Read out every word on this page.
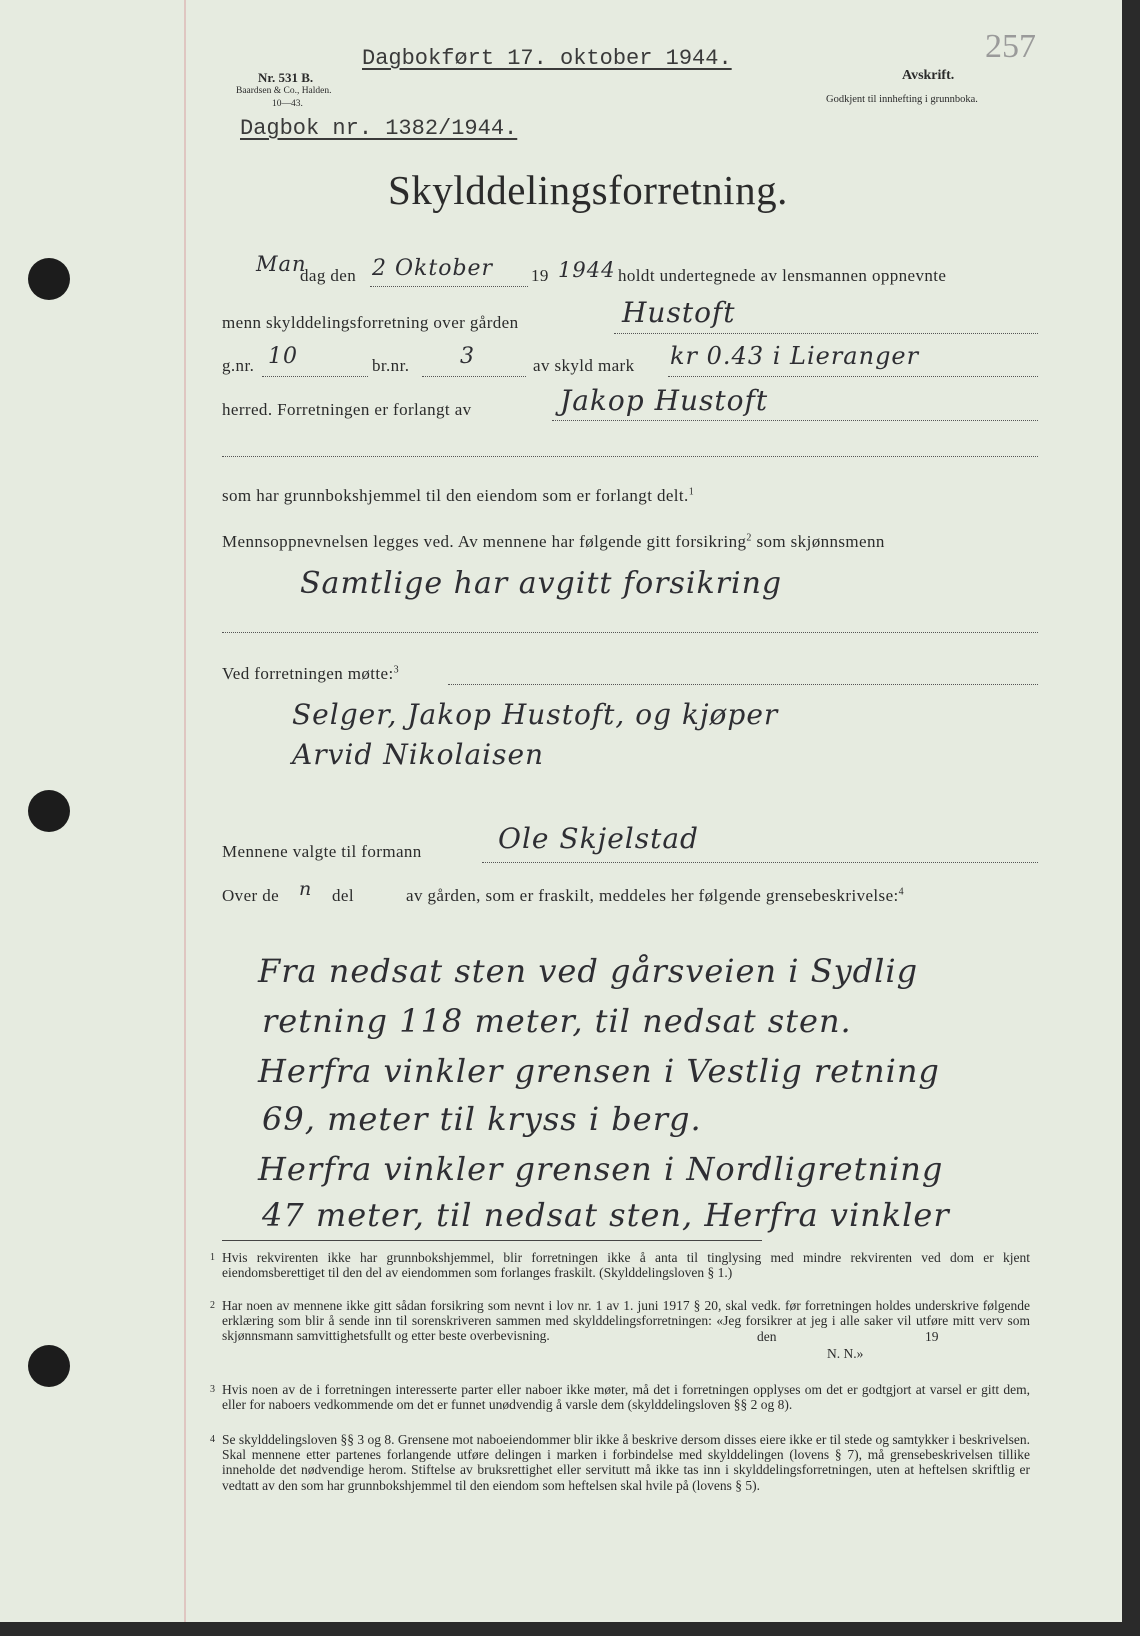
Dagbokført 17. oktober 1944.	257
Nr. 531 B.
Baardsen & Co., Halden.
10—43.
Avskrift.
Godkjent til innhefting i grunnboka.
Dagbok nr. 1382/1944.
Skylddelingsforretning.
Man
dag den 2 Oktober 19 1944 holdt undertegnede av lensmannen oppnevnte
menn skylddelingsforretning over gården	Hustoft
g.nr. 10	br.nr. 3	av skyld mark kr 0.43 i Lieranger
herred. Forretningen er forlangt av	Jakop Hustoft
som har grunnbokshjemmel til den eiendom som er forlangt delt.$^1$
Mennsoppnevnelsen legges ved. Av mennene har følgende gitt forsikring$^2$ som skjønnsmenn
Samtlige har avgitt forsikring
Ved forretningen møtte:$^3$
Selger, Jakop Hustoft, og kjøper
Arvid Nikolaisen
Mennene valgte til formann	Ole Skjelstad
Over de n del	av gården, som er fraskilt, meddeles her følgende grensebeskrivelse:$^4$
Fra nedsat sten ved gårsveien i Sydlig
retning 118 meter, til nedsat sten.
Herfra vinkler grensen i Vestlig retning
69, meter til kryss i berg.
Herfra vinkler grensen i Nordligretning
47 meter, til nedsat sten, Herfra vinkler
1 Hvis rekvirenten ikke har grunnbokshjemmel, blir forretningen ikke å anta til tinglysing med mindre rekvirenten ved dom er kjent eiendomsberettiget til den del av eiendommen som forlanges fraskilt. (Skylddelingsloven § 1.)

2 Har noen av mennene ikke gitt sådan forsikring som nevnt i lov nr. 1 av 1. juni 1917 § 20, skal vedk. før forretningen holdes underskrive følgende erklæring som blir å sende inn til sorenskriveren sammen med skylddelingsforretningen: «Jeg forsikrer at jeg i alle saker vil utføre mitt verv som skjønnsmann samvittighetsfullt og etter beste overbevisning.	den	19
N. N.»
3 Hvis noen av de i forretningen interesserte parter eller naboer ikke møter, må det i forretningen opplyses om det er godtgjort at varsel er gitt dem, eller for naboers vedkommende om det er funnet unødvendig å varsle dem (skylddelingsloven §§ 2 og 8).

4 Se skylddelingsloven §§ 3 og 8. Grensene mot naboeiendommer blir ikke å beskrive dersom disses eiere ikke er til stede og samtykker i beskrivelsen. Skal mennene etter partenes forlangende utføre delingen i marken i forbindelse med skylddelingen (lovens § 7), må grensebeskrivelsen tillike inneholde det nødvendige herom. Stiftelse av bruksrettighet eller servitutt må ikke tas inn i skylddelingsforretningen, uten at heftelsen skriftlig er vedtatt av den som har grunnbokshjemmel til den eiendom som heftelsen skal hvile på (lovens § 5).
